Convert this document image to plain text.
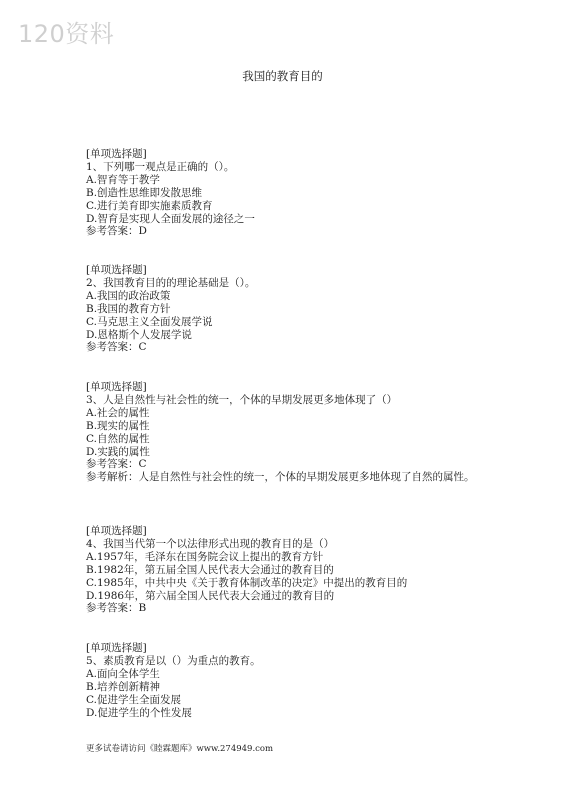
120资料
我国的教育目的
[单项选择题]
1、下列哪一观点是正确的（）。
A.智育等于教学
B.创造性思维即发散思维
C.进行美育即实施素质教育
D.智育是实现人全面发展的途径之一
参考答案：D
[单项选择题]
2、我国教育目的的理论基础是（）。
A.我国的政治政策
B.我国的教育方针
C.马克思主义全面发展学说
D.恩格斯个人发展学说
参考答案：C
[单项选择题]
3、人是自然性与社会性的统一，个体的早期发展更多地体现了（）
A.社会的属性
B.现实的属性
C.自然的属性
D.实践的属性
参考答案：C
参考解析：人是自然性与社会性的统一，个体的早期发展更多地体现了自然的属性。
[单项选择题]
4、我国当代第一个以法律形式出现的教育目的是（）
A.1957年，毛泽东在国务院会议上提出的教育方针
B.1982年，第五届全国人民代表大会通过的教育目的
C.1985年，中共中央《关于教育体制改革的决定》中提出的教育目的
D.1986年，第六届全国人民代表大会通过的教育目的
参考答案：B
[单项选择题]
5、素质教育是以（）为重点的教育。
A.面向全体学生
B.培养创新精神
C.促进学生全面发展
D.促进学生的个性发展
更多试卷请访问《睦霖题库》www.274949.com
